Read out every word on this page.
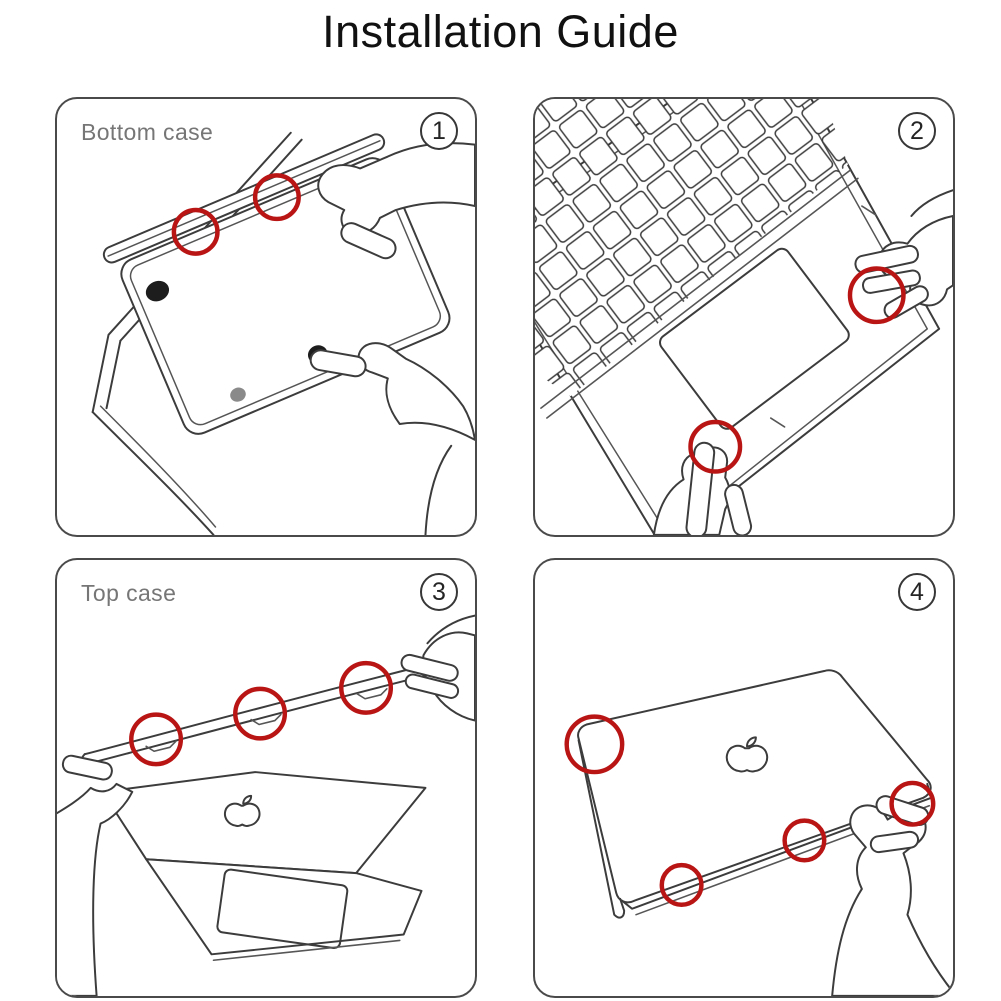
Installation Guide
Bottom case	1	2
Top case	3	4
